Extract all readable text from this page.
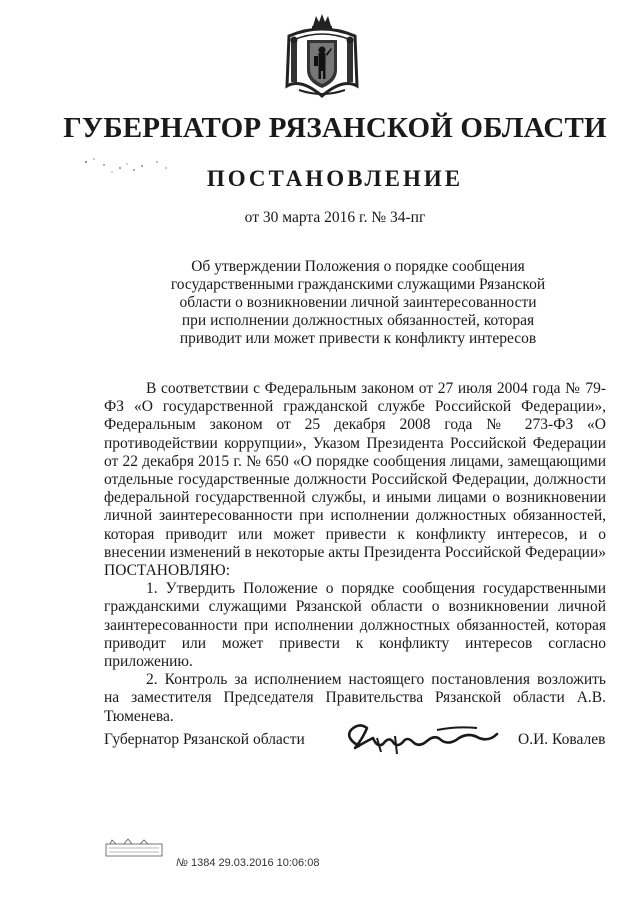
ГУБЕРНАТОР РЯЗАНСКОЙ ОБЛАСТИ
ПОСТАНОВЛЕНИЕ
от 30 марта 2016 г. № 34-пг
Об утверждении Положения о порядке сообщения государственными гражданскими служащими Рязанской области о возникновении личной заинтересованности при исполнении должностных обязанностей, которая приводит или может привести к конфликту интересов

В соответствии с Федеральным законом от 27 июля 2004 года № 79-ФЗ «О государственной гражданской службе Российской Федерации», Федеральным законом от 25 декабря 2008 года № 273-ФЗ «О противодействии коррупции», Указом Президента Российской Федерации от 22 декабря 2015 г. № 650 «О порядке сообщения лицами, замещающими отдельные государственные должности Российской Федерации, должности федеральной государственной службы, и иными лицами о возникновении личной заинтересованности при исполнении должностных обязанностей, которая приводит или может привести к конфликту интересов, и о внесении изменений в некоторые акты Президента Российской Федерации»

ПОСТАНОВЛЯЮ:

1. Утвердить Положение о порядке сообщения государственными гражданскими служащими Рязанской области о возникновении личной заинтересованности при исполнении должностных обязанностей, которая приводит или может привести к конфликту интересов согласно приложению.

2. Контроль за исполнением настоящего постановления возложить на заместителя Председателя Правительства Рязанской области А.В. Тюменева.

Губернатор Рязанской области	О.И. Ковалев
№ 1384 29.03.2016 10:06:08
